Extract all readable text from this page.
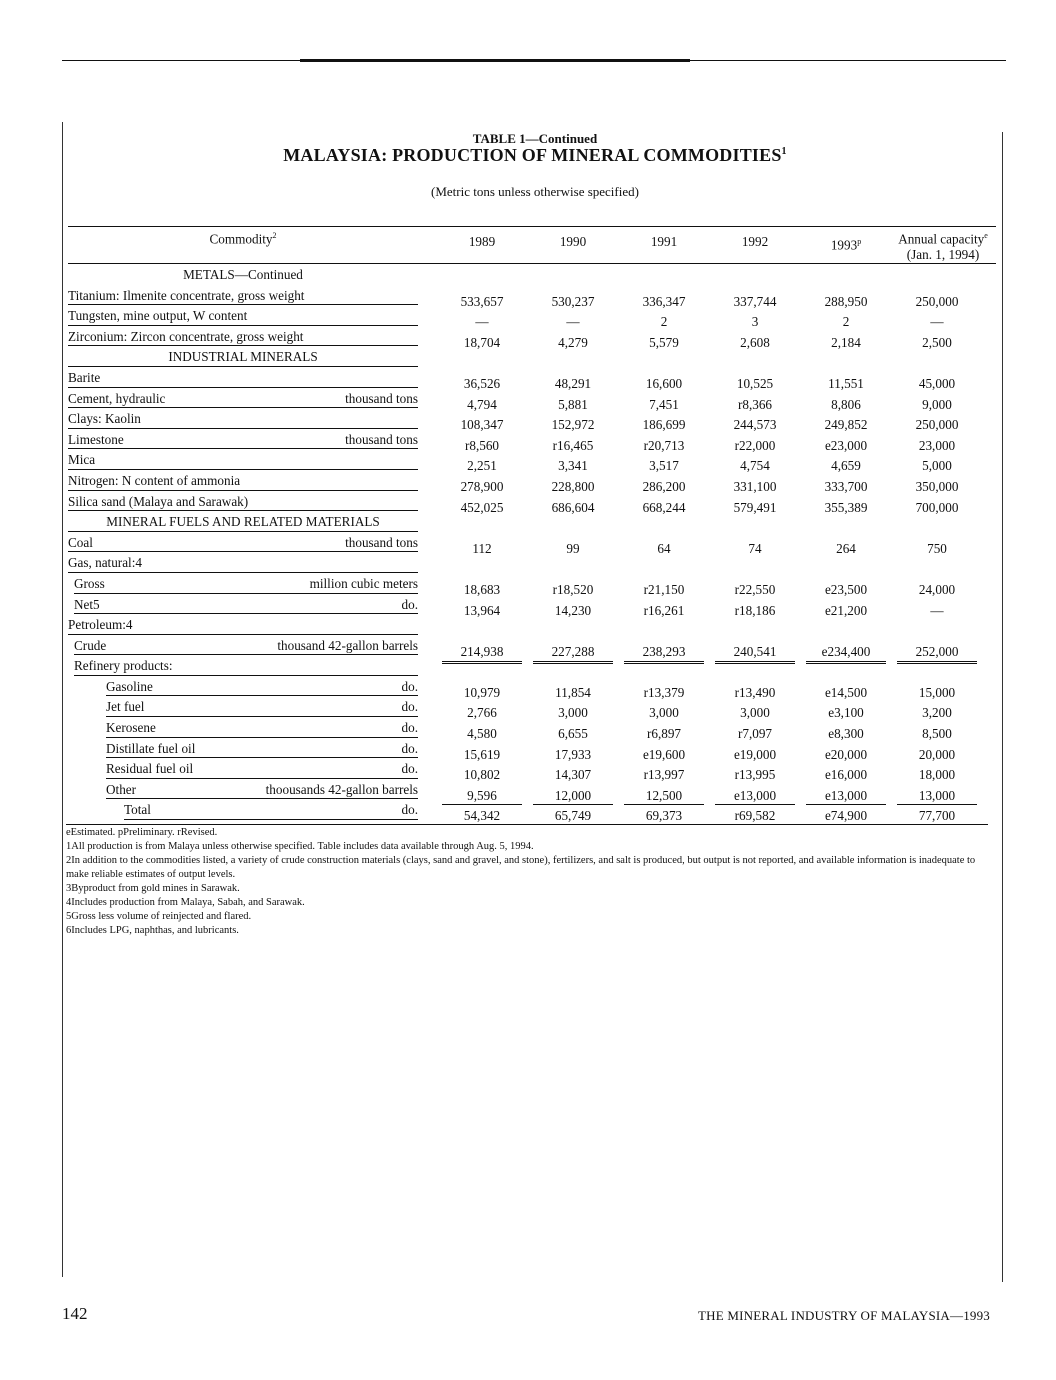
TABLE 1—Continued
MALAYSIA: PRODUCTION OF MINERAL COMMODITIES$^1$
(Metric tons unless otherwise specified)
Commodity$^2$	1989	1990	1991	1992	1993$^p$	Annual capacity$^e$
(Jan. 1, 1994)
METALS—Continued
Titanium: Ilmenite concentrate, gross weight	533,657	530,237	336,347	337,744	288,950	250,000
Tungsten, mine output, W content	—	—	2	3	2	—
Zirconium: Zircon concentrate, gross weight	18,704	4,279	5,579	2,608	2,184	2,500
INDUSTRIAL MINERALS
Barite	36,526	48,291	16,600	10,525	11,551	45,000
Cement, hydraulic	thousand tons	4,794	5,881	7,451	r8,366	8,806	9,000
Clays: Kaolin	108,347	152,972	186,699	244,573	249,852	250,000
Limestone	thousand tons	r8,560	r16,465	r20,713	r22,000	e23,000	23,000
Mica	2,251	3,341	3,517	4,754	4,659	5,000
Nitrogen: N content of ammonia	278,900	228,800	286,200	331,100	333,700	350,000
Silica sand (Malaya and Sarawak)	452,025	686,604	668,244	579,491	355,389	700,000
MINERAL FUELS AND RELATED MATERIALS
Coal	thousand tons	112	99	64	74	264	750
Gas, natural:4
Gross	million cubic meters	18,683	r18,520	r21,150	r22,550	e23,500	24,000
Net5	do.	13,964	14,230	r16,261	r18,186	e21,200	—
Petroleum:4
Crude	thousand 42-gallon barrels	214,938	227,288	238,293	240,541	e234,400	252,000
Refinery products:
Gasoline	do.	10,979	11,854	r13,379	r13,490	e14,500	15,000
Jet fuel	do.	2,766	3,000	3,000	3,000	e3,100	3,200
Kerosene	do.	4,580	6,655	r6,897	r7,097	e8,300	8,500
Distillate fuel oil	do.	15,619	17,933	e19,600	e19,000	e20,000	20,000
Residual fuel oil	do.	10,802	14,307	r13,997	r13,995	e16,000	18,000
Other	thoousands 42-gallon barrels	9,596	12,000	12,500	e13,000	e13,000	13,000
Total	do.	54,342	65,749	69,373	r69,582	e74,900	77,700
eEstimated. pPreliminary. rRevised.
1All production is from Malaya unless otherwise specified. Table includes data available through Aug. 5, 1994.
2In addition to the commodities listed, a variety of crude construction materials (clays, sand and gravel, and stone), fertilizers, and salt is produced, but output is not reported, and available information is inadequate to make reliable estimates of output levels.
3Byproduct from gold mines in Sarawak.
4Includes production from Malaya, Sabah, and Sarawak.
5Gross less volume of reinjected and flared.
6Includes LPG, naphthas, and lubricants.
142	THE MINERAL INDUSTRY OF MALAYSIA—1993
